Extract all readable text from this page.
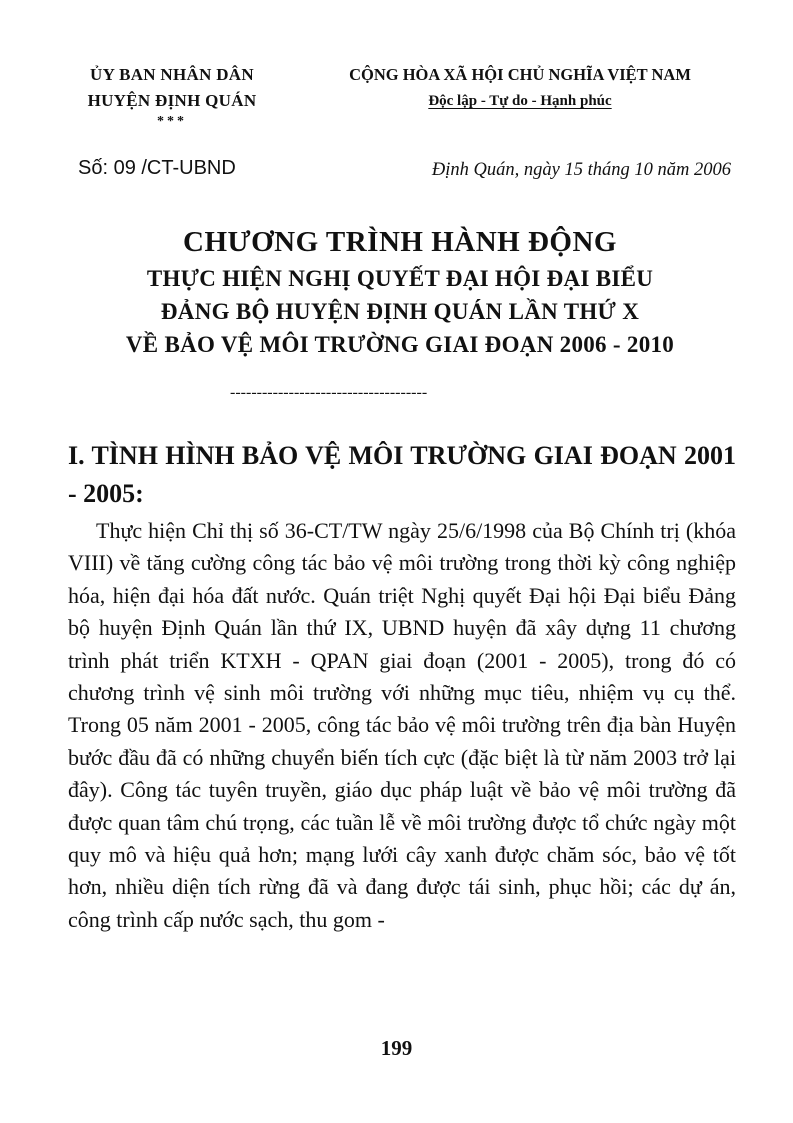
ỦY BAN NHÂN DÂN
HUYỆN ĐỊNH QUÁN
***
CỘNG HÒA XÃ HỘI CHỦ NGHĨA VIỆT NAM
Độc lập - Tự do - Hạnh phúc
Số: 09 /CT-UBND	Định Quán, ngày 15 tháng 10 năm 2006
CHƯƠNG TRÌNH HÀNH ĐỘNG
THỰC HIỆN NGHỊ QUYẾT ĐẠI HỘI ĐẠI BIỂU
ĐẢNG BỘ HUYỆN ĐỊNH QUÁN LẦN THỨ X
VỀ BẢO VỆ MÔI TRƯỜNG GIAI ĐOẠN 2006 - 2010
-------------------------------------
I. TÌNH HÌNH BẢO VỆ MÔI TRƯỜNG GIAI ĐOẠN 2001 - 2005:
Thực hiện Chỉ thị số 36-CT/TW ngày 25/6/1998 của Bộ Chính trị (khóa VIII) về tăng cường công tác bảo vệ môi trường trong thời kỳ công nghiệp hóa, hiện đại hóa đất nước. Quán triệt Nghị quyết Đại hội Đại biểu Đảng bộ huyện Định Quán lần thứ IX, UBND huyện đã xây dựng 11 chương trình phát triển KTXH - QPAN giai đoạn (2001 - 2005), trong đó có chương trình vệ sinh môi trường với những mục tiêu, nhiệm vụ cụ thể. Trong 05 năm 2001 - 2005, công tác bảo vệ môi trường trên địa bàn Huyện bước đầu đã có những chuyển biến tích cực (đặc biệt là từ năm 2003 trở lại đây). Công tác tuyên truyền, giáo dục pháp luật về bảo vệ môi trường đã được quan tâm chú trọng, các tuần lễ về môi trường được tổ chức ngày một quy mô và hiệu quả hơn; mạng lưới cây xanh được chăm sóc, bảo vệ tốt hơn, nhiều diện tích rừng đã và đang được tái sinh, phục hồi; các dự án, công trình cấp nước sạch, thu gom -
199
